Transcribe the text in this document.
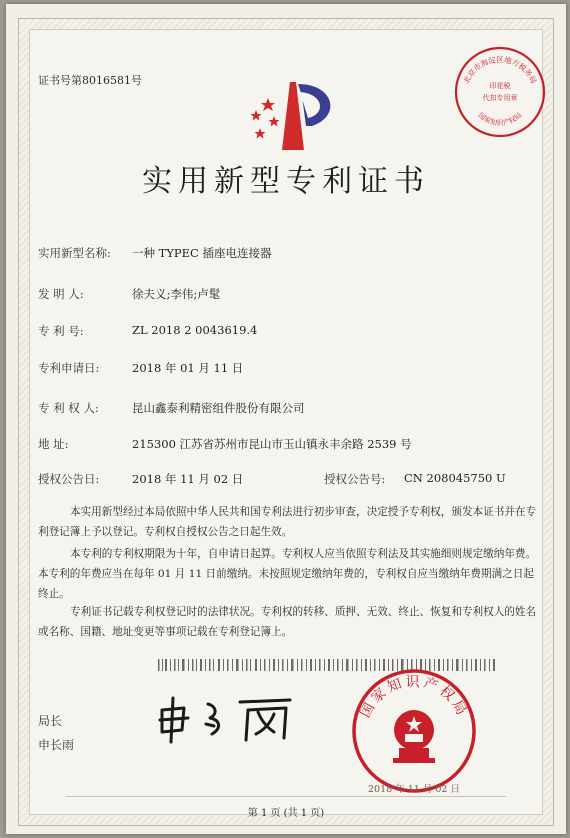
证书号第8016581号	北京市海淀区地方税务局
印花税
代扣专用章
国家知识产权局
实用新型专利证书
实用新型名称: 一种 TYPEC 插座电连接器
发 明 人:	徐夫义;李伟;卢髦
专 利 号:	ZL 2018 2 0043619.4
专利申请日:	2018 年 01 月 11 日
专 利 权 人:	昆山鑫泰利精密组件股份有限公司
地 址:	215300 江苏省苏州市昆山市玉山镇永丰余路 2539 号
授权公告日:	2018 年 11 月 02 日	授权公告号: CN 208045750 U
本实用新型经过本局依照中华人民共和国专利法进行初步审查，决定授予专利权，颁发本证书并在专利登记簿上予以登记。专利权自授权公告之日起生效。
本专利的专利权期限为十年，自申请日起算。专利权人应当依照专利法及其实施细则规定缴纳年费。本专利的年费应当在每年 01 月 11 日前缴纳。未按照规定缴纳年费的，专利权自应当缴纳年费期满之日起终止。
专利证书记载专利权登记时的法律状况。专利权的转移、质押、无效、终止、恢复和专利权人的姓名或名称、国籍、地址变更等事项记载在专利登记簿上。
局长
申长雨
国家知识产权局
2018 年 11 月 02 日
第 1 页 (共 1 页)
